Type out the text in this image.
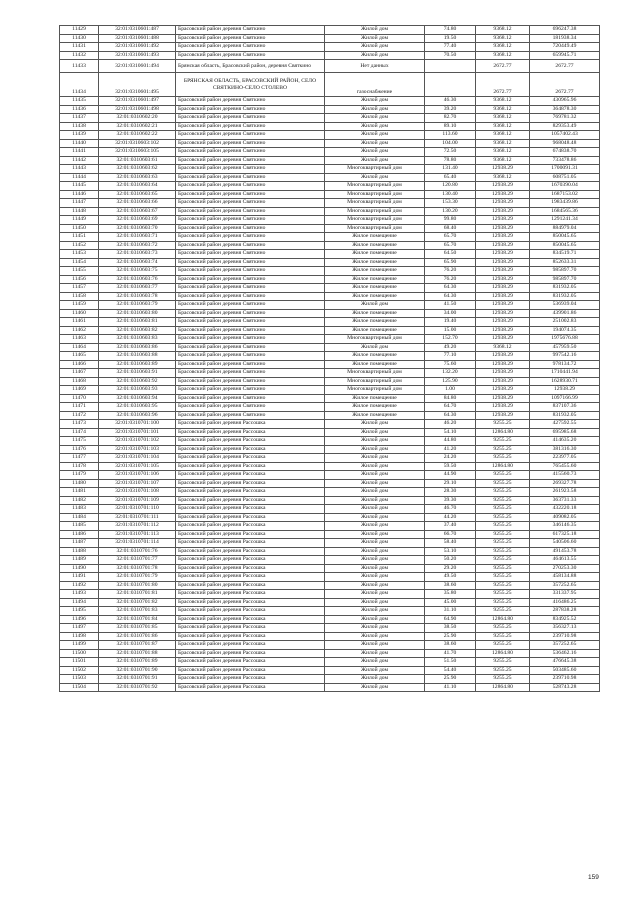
11429	32:01:0310601:487	Брасовский район деревня Святкино	Жилой дом	74.80	9368.12	696247.38
11430	32:01:0310601:488	Брасовский район деревня Святкино	Жилой дом	19.50	9368.12	181938.34
11431	32:01:0310601:492	Брасовский район деревня Святкино	Жилой дом	77.40	9368.12	720449.49
11432	32:01:0310601:493	Брасовский район деревня Святкино	Жилой дом	70.50	9368.12	659945.71
11433	32:01:0310601:494	Брянская область, Брасовский район, деревня Святкино	Нет данных		2672.77	2672.77
11434	32:01:0310601:495	БРЯНСКАЯ ОБЛАСТЬ, БРАСОВСКИЙ РАЙОН, СЕЛО СВЯТКИНО-СЕЛО СТОЛЕВО	газоснабжение		2672.77	2672.77
11435	32:01:0310601:497	Брасовский район деревня Святкино	Жилой дом	46.30	9368.12	430965.96
11436	32:01:0310601:498	Брасовский район деревня Святкино	Жилой дом	39.20	9368.12	364878.30
11437	32:01:0310602:20	Брасовский район деревня Святкино	Жилой дом	82.70	9368.12	769781.32
11438	32:01:0310602:21	Брасовский район деревня Святкино	Жилой дом	89.10	9368.12	829353.49
11439	32:01:0310602:22	Брасовский район деревня Святкино	Жилой дом	113.60	9368.12	1057402.43
11440	32:01:0310603:102	Брасовский район деревня Святкино	Жилой дом	104.00	9368.12	968048.48
11441	32:01:0310603:105	Брасовский район деревня Святкино	Жилой дом	72.50	9368.12	674838.70
11442	32:01:0310603:61	Брасовский район деревня Святкино	Жилой дом	78.80	9368.12	733478.86
11443	32:01:0310603:62	Брасовский район деревня Святкино	Многоквартирный дом	131.40	12938.29	1700091.31
11444	32:01:0310603:63	Брасовский район деревня Святкино	Жилой дом	65.40	9368.12	608751.05
11445	32:01:0310603:64	Брасовский район деревня Святкино	Многоквартирный дом	120.80	12938.29	1670390.04
11446	32:01:0310603:65	Брасовский район деревня Святкино	Многоквартирный дом	130.40	12938.29	1687153.02
11447	32:01:0310603:66	Брасовский район деревня Святкино	Многоквартирный дом	153.30	12938.29	1983439.86
11448	32:01:0310603:67	Брасовский район деревня Святкино	Многоквартирный дом	130.20	12938.29	1684565.36
11449	32:01:0310603:69	Брасовский район деревня Святкино	Многоквартирный дом	99.80	12938.29	1291241.34
11450	32:01:0310603:70	Брасовский район деревня Святкино	Многоквартирный дом	68.40	12938.29	884979.04
11451	32:01:0310603:71	Брасовский район деревня Святкино	Жилое помещение	65.70	12938.29	850045.65
11452	32:01:0310603:72	Брасовский район деревня Святкино	Жилое помещение	65.70	12938.29	850045.65
11453	32:01:0310603:73	Брасовский район деревня Святкино	Жилое помещение	64.50	12938.29	834519.71
11454	32:01:0310603:74	Брасовский район деревня Святкино	Жилое помещение	65.90	12938.29	852633.31
11455	32:01:0310603:75	Брасовский район деревня Святкино	Жилое помещение	76.20	12938.29	985897.70
11456	32:01:0310603:76	Брасовский район деревня Святкино	Жилое помещение	76.20	12938.29	985897.70
11457	32:01:0310603:77	Брасовский район деревня Святкино	Жилое помещение	64.30	12938.29	831932.05
11458	32:01:0310603:78	Брасовский район деревня Святкино	Жилое помещение	64.30	12938.29	831932.05
11459	32:01:0310603:79	Брасовский район деревня Святкино	Жилой дом	41.50	12938.29	536939.04
11460	32:01:0310603:80	Брасовский район деревня Святкино	Жилое помещение	34.00	12938.29	439901.86
11461	32:01:0310603:81	Брасовский район деревня Святкино	Жилое помещение	19.40	12938.29	251002.83
11462	32:01:0310603:82	Брасовский район деревня Святкино	Жилое помещение	15.00	12938.29	194074.35
11463	32:01:0310603:83	Брасовский район деревня Святкино	Многоквартирный дом	152.70	12938.29	1975676.88
11464	32:01:0310603:86	Брасовский район деревня Святкино	Жилой дом	49.20	9368.12	457959.50
11465	32:01:0310603:88	Брасовский район деревня Святкино	Жилое помещение	77.10	12938.29	997542.16
11466	32:01:0310603:89	Брасовский район деревня Святкино	Жилое помещение	75.60	12938.29	978134.72
11467	32:01:0310603:91	Брасовский район деревня Святкино	Многоквартирный дом	132.20	12938.29	1710441.94
11468	32:01:0310603:92	Брасовский район деревня Святкино	Многоквартирный дом	125.90	12938.29	1628930.71
11469	32:01:0310603:93	Брасовский район деревня Святкино	Многоквартирный дом	1.00	12938.29	12938.29
11470	32:01:0310603:94	Брасовский район деревня Святкино	Жилое помещение	84.80	12938.29	1097166.99
11471	32:01:0310603:95	Брасовский район деревня Святкино	Жилое помещение	64.70	12938.29	837107.36
11472	32:01:0310603:96	Брасовский район деревня Святкино	Жилое помещение	64.30	12938.29	831932.05
11473	32:01:0310701:100	Брасовский район деревня Рассошка	Жилой дом	46.20	9255.25	427592.55
11474	32:01:0310701:101	Брасовский район деревня Рассошка	Жилой дом	54.10	12864.80	695985.68
11475	32:01:0310701:102	Брасовский район деревня Рассошка	Жилой дом	44.80	9255.25	414635.20
11476	32:01:0310701:103	Брасовский район деревня Рассошка	Жилой дом	41.20	9255.25	381316.30
11477	32:01:0310701:104	Брасовский район деревня Рассошка	Жилой дом	24.20	9255.25	223977.05
11478	32:01:0310701:105	Брасовский район деревня Рассошка	Жилой дом	59.50	12864.80	765455.60
11479	32:01:0310701:106	Брасовский район деревня Рассошка	Жилой дом	44.90	9255.25	415560.73
11480	32:01:0310701:107	Брасовский район деревня Рассошка	Жилой дом	29.10	9255.25	269327.78
11481	32:01:0310701:108	Брасовский район деревня Рассошка	Жилой дом	28.30	9255.25	261923.58
11482	32:01:0310701:109	Брасовский район деревня Рассошка	Жилой дом	39.30	9255.25	363731.33
11483	32:01:0310701:110	Брасовский район деревня Рассошка	Жилой дом	46.70	9255.25	432220.18
11484	32:01:0310701:111	Брасовский район деревня Рассошка	Жилой дом	44.20	9255.25	409082.05
11485	32:01:0310701:112	Брасовский район деревня Рассошка	Жилой дом	37.40	9255.25	346146.35
11486	32:01:0310701:113	Брасовский район деревня Рассошка	Жилой дом	66.70	9255.25	617325.18
11487	32:01:0310701:114	Брасовский район деревня Рассошка	Жилой дом	58.40	9255.25	540506.60
11488	32:01:0310701:76	Брасовский район деревня Рассошка	Жилой дом	53.10	9255.25	491453.78
11489	32:01:0310701:77	Брасовский район деревня Рассошка	Жилой дом	50.20	9255.25	464613.55
11490	32:01:0310701:78	Брасовский район деревня Рассошка	Жилой дом	29.20	9255.25	270253.30
11491	32:01:0310701:79	Брасовский район деревня Рассошка	Жилой дом	49.50	9255.25	458134.88
11492	32:01:0310701:80	Брасовский район деревня Рассошка	Жилой дом	38.60	9255.25	357252.65
11493	32:01:0310701:81	Брасовский район деревня Рассошка	Жилой дом	35.80	9255.25	331337.95
11494	32:01:0310701:82	Брасовский район деревня Рассошка	Жилой дом	45.00	9255.25	416486.25
11495	32:01:0310701:83	Брасовский район деревня Рассошка	Жилой дом	31.10	9255.25	287838.28
11496	32:01:0310701:84	Брасовский район деревня Рассошка	Жилой дом	64.90	12864.80	834925.52
11497	32:01:0310701:85	Брасовский район деревня Рассошка	Жилой дом	38.50	9255.25	356327.13
11498	32:01:0310701:86	Брасовский район деревня Рассошка	Жилой дом	25.90	9255.25	239710.98
11499	32:01:0310701:87	Брасовский район деревня Рассошка	Жилой дом	38.60	9255.25	357252.65
11500	32:01:0310701:88	Брасовский район деревня Рассошка	Жилой дом	41.70	12864.80	536462.16
11501	32:01:0310701:89	Брасовский район деревня Рассошка	Жилой дом	51.50	9255.25	476645.38
11502	32:01:0310701:90	Брасовский район деревня Рассошка	Жилой дом	54.40	9255.25	503485.60
11503	32:01:0310701:91	Брасовский район деревня Рассошка	Жилой дом	25.90	9255.25	239710.98
11504	32:01:0310701:92	Брасовский район деревня Рассошка	Жилой дом	41.10	12864.80	528743.28
159
